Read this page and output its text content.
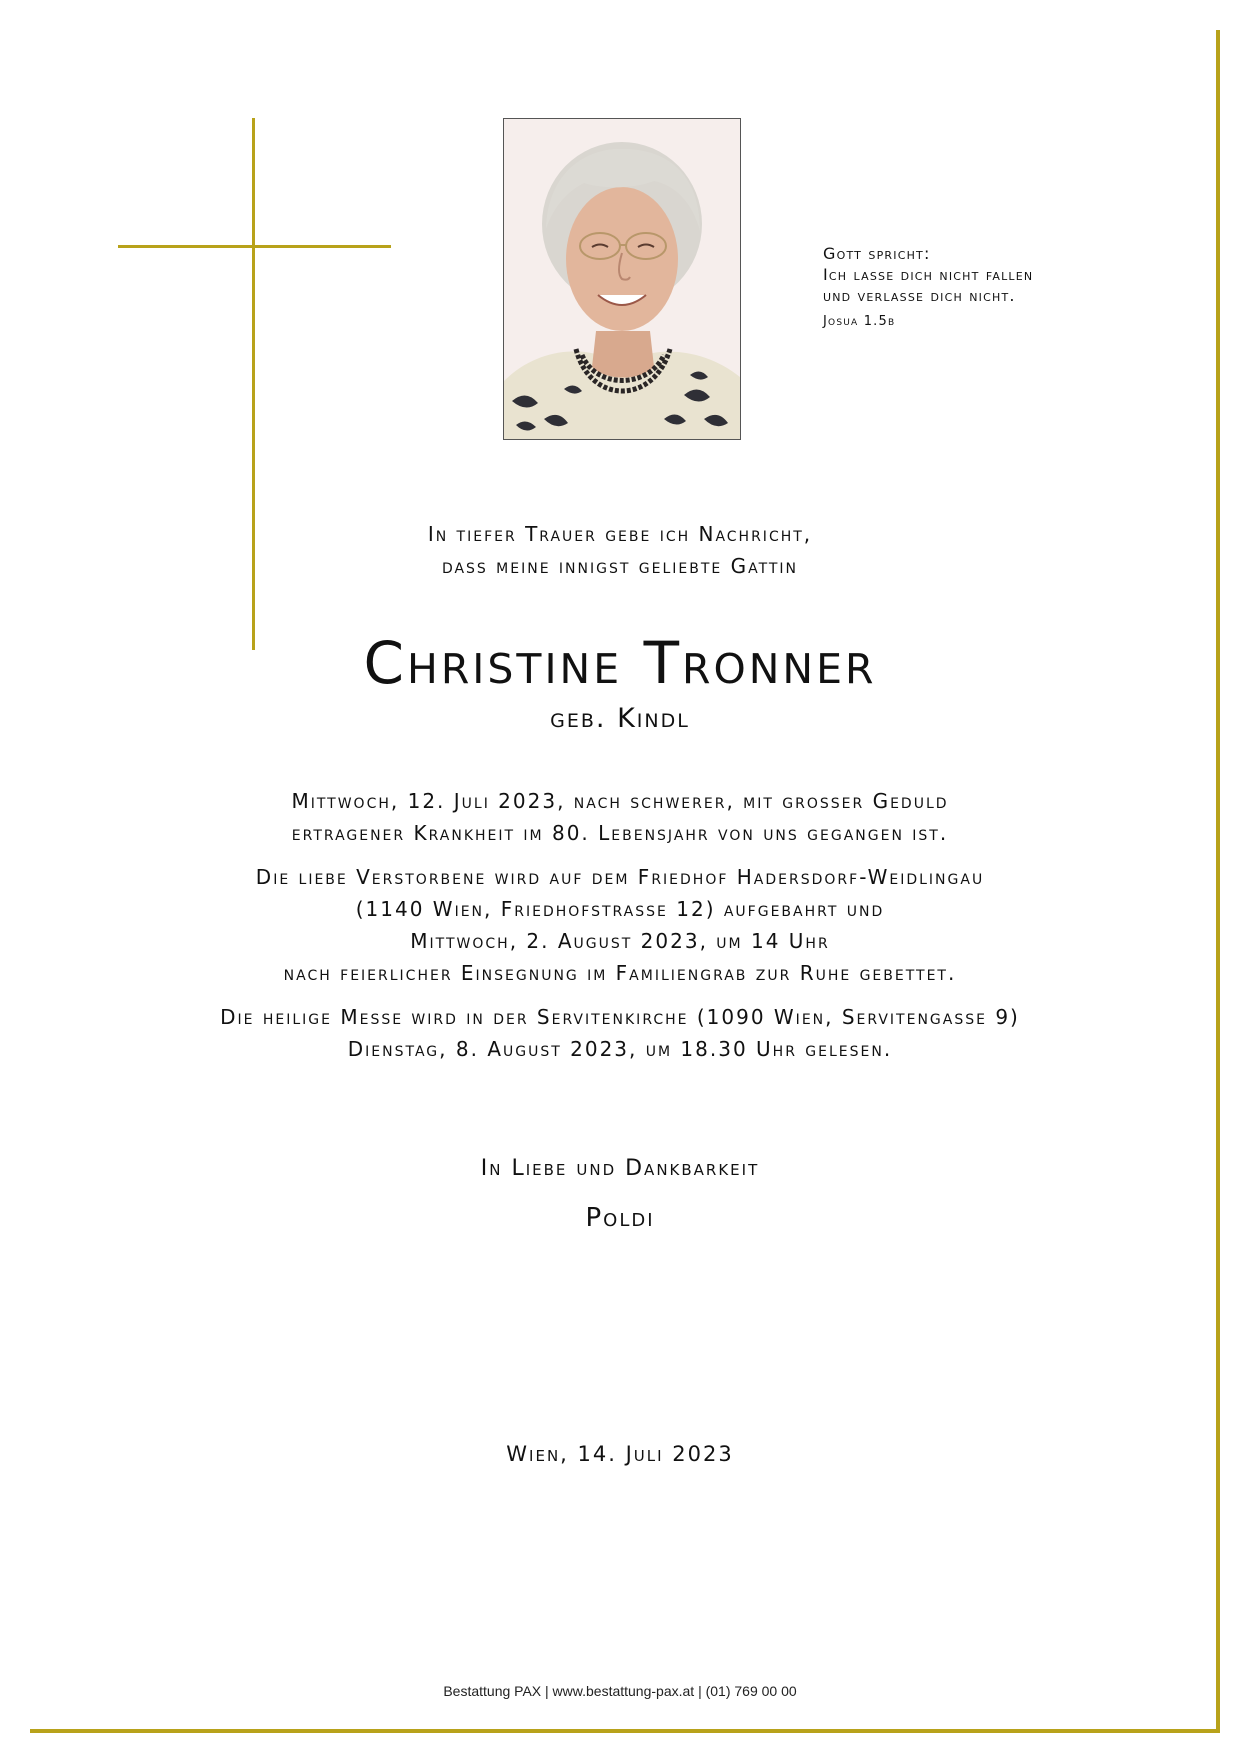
Gott spricht:
Ich lasse dich nicht fallen
und verlasse dich nicht.
Josua 1.5b
In tiefer Trauer gebe ich Nachricht,
dass meine innigst geliebte Gattin
Christine Tronner
geb. Kindl

Mittwoch, 12. Juli 2023, nach schwerer, mit grosser Geduld
ertragener Krankheit im 80. Lebensjahr von uns gegangen ist.

Die liebe Verstorbene wird auf dem Friedhof Hadersdorf-Weidlingau
(1140 Wien, Friedhofstrasse 12) aufgebahrt und
Mittwoch, 2. August 2023, um 14 Uhr
nach feierlicher Einsegnung im Familiengrab zur Ruhe gebettet.

Die heilige Messe wird in der Servitenkirche (1090 Wien, Servitengasse 9)
Dienstag, 8. August 2023, um 18.30 Uhr gelesen.

In Liebe und Dankbarkeit
Poldi
Wien, 14. Juli 2023
Bestattung PAX | www.bestattung-pax.at | (01) 769 00 00
